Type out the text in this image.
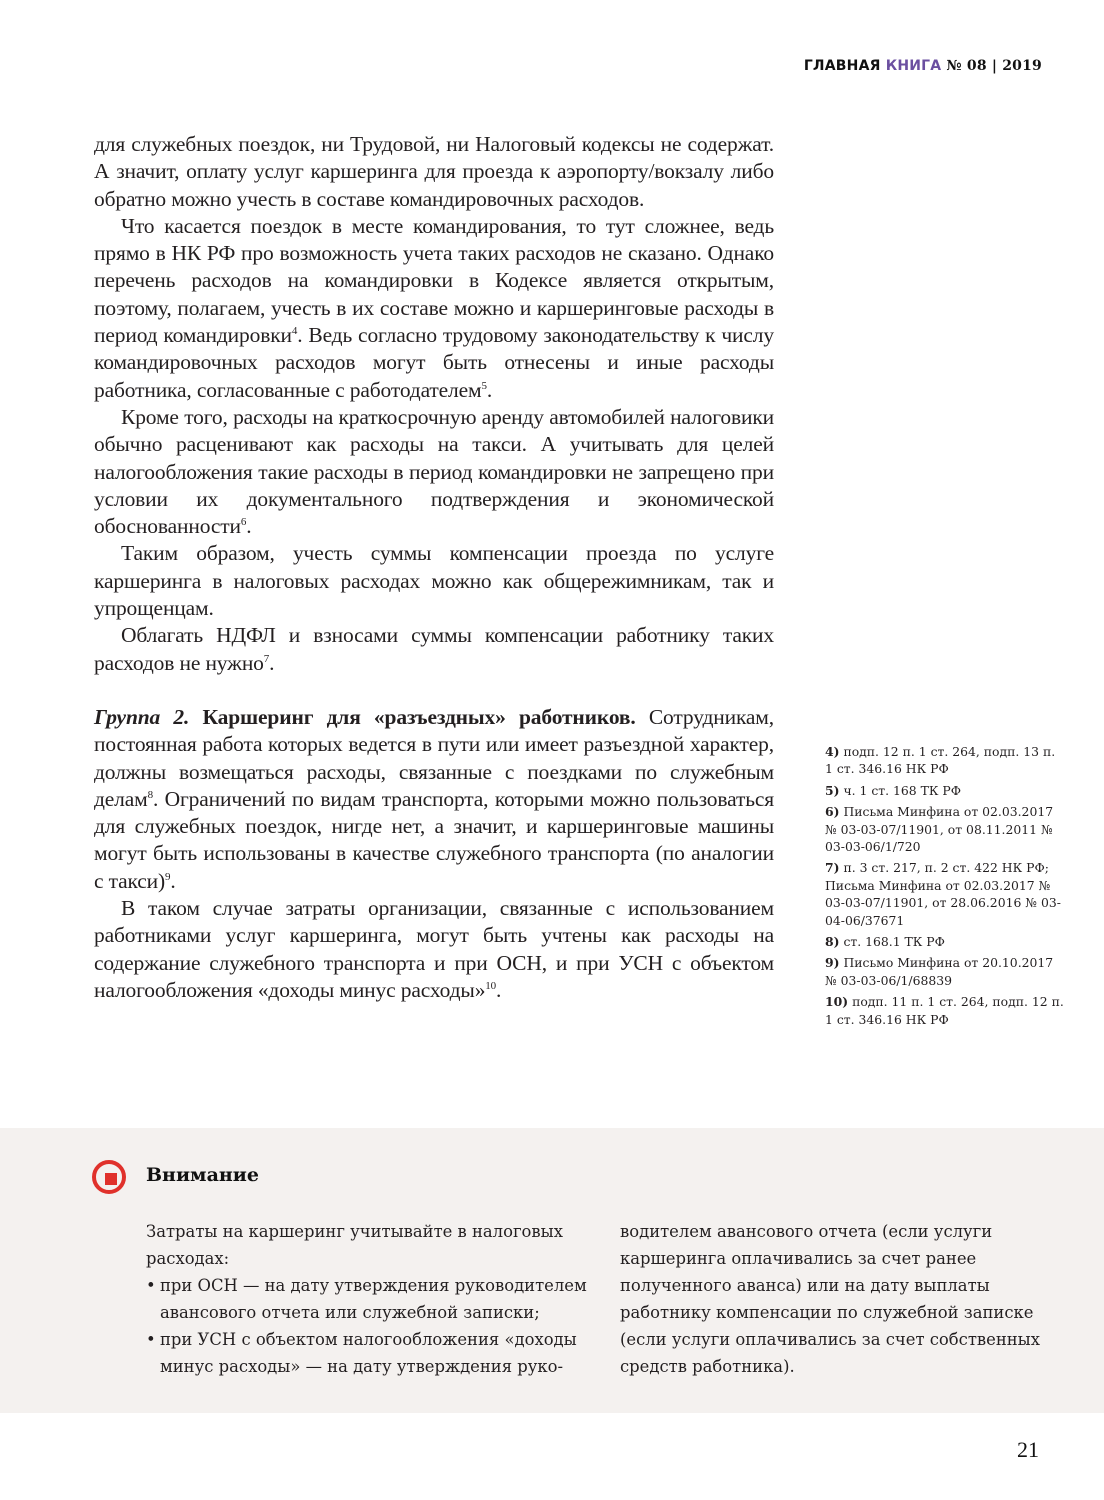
ГЛАВНАЯ КНИГА № 08 | 2019

для служебных поездок, ни Трудовой, ни Налоговый кодексы не содержат. А значит, оплату услуг каршеринга для проезда к аэропорту/вокзалу либо обратно можно учесть в составе командировочных расходов.

Что касается поездок в месте командирования, то тут сложнее, ведь прямо в НК РФ про возможность учета таких расходов не сказано. Однако перечень расходов на командировки в Кодексе является открытым, поэтому, полагаем, учесть в их составе можно и каршеринговые расходы в период командировки$^4$. Ведь согласно трудовому законодательству к числу командировочных расходов могут быть отнесены и иные расходы работника, согласованные с работодателем$^5$.

Кроме того, расходы на краткосрочную аренду автомобилей налоговики обычно расценивают как расходы на такси. А учитывать для целей налогообложения такие расходы в период командировки не запрещено при условии их документального подтверждения и экономической обоснованности$^6$.

Таким образом, учесть суммы компенсации проезда по услуге каршеринга в налоговых расходах можно как общережимникам, так и упрощенцам.

Облагать НДФЛ и взносами суммы компенсации работнику таких расходов не нужно$^7$.

Группа 2. Каршеринг для «разъездных» работников. Сотрудникам, постоянная работа которых ведется в пути или имеет разъездной характер, должны возмещаться расходы, связанные с поездками по служебным делам$^8$. Ограничений по видам транспорта, которыми можно пользоваться для служебных поездок, нигде нет, а значит, и каршеринговые машины могут быть использованы в качестве служебного транспорта (по аналогии с такси)$^9$.

В таком случае затраты организации, связанные с использованием работниками услуг каршеринга, могут быть учтены как расходы на содержание служебного транспорта и при ОСН, и при УСН с объектом налогообложения «доходы минус расходы»$^{10}$.

4) подп. 12 п. 1 ст. 264, подп. 13 п. 1 ст. 346.16 НК РФ
5) ч. 1 ст. 168 ТК РФ
6) Письма Минфина от 02.03.2017 № 03-03-07/11901, от 08.11.2011 № 03-03-06/1/720
7) п. 3 ст. 217, п. 2 ст. 422 НК РФ; Письма Минфина от 02.03.2017 № 03-03-07/11901, от 28.06.2016 № 03-04-06/37671
8) ст. 168.1 ТК РФ
9) Письмо Минфина от 20.10.2017 № 03-03-06/1/68839
10) подп. 11 п. 1 ст. 264, подп. 12 п. 1 ст. 346.16 НК РФ
Внимание
Затраты на каршеринг учитывайте в налоговых расходах:
• при ОСН — на дату утверждения руководителем авансового отчета или служебной записки;
• при УСН с объектом налогообложения «доходы минус расходы» — на дату утверждения руко-
водителем авансового отчета (если услуги каршеринга оплачивались за счет ранее полученного аванса) или на дату выплаты работнику компенсации по служебной записке (если услуги оплачивались за счет собственных средств работника).
21
